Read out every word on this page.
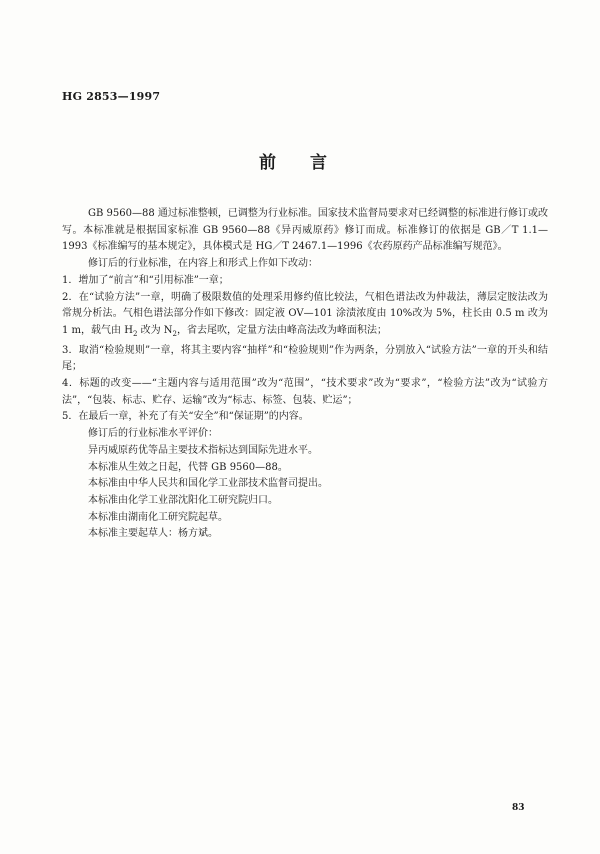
HG 2853—1997
前 言

GB 9560—88 通过标准整顿，已调整为行业标准。国家技术监督局要求对已经调整的标准进行修订或改写。本标准就是根据国家标准 GB 9560—88《异丙威原药》修订而成。标准修订的依据是 GB／T 1.1—1993《标准编写的基本规定》，具体模式是 HG／T 2467.1—1996《农药原药产品标准编写规范》。

修订后的行业标准，在内容上和形式上作如下改动：

1．增加了“前言”和“引用标准”一章；

2．在“试验方法”一章，明确了极限数值的处理采用修约值比较法，气相色谱法改为仲裁法，薄层定胺法改为常规分析法。气相色谱法部分作如下修改：固定液 OV—101 涂渍浓度由 10%改为 5%，柱长由 0.5 m 改为 1 m，载气由 $H_2$ 改为 $N_2$，省去尾吹，定量方法由峰高法改为峰面积法；

3．取消“检验规则”一章，将其主要内容“抽样”和“检验规则”作为两条，分别放入“试验方法”一章的开头和结尾；

4．标题的改变——“主题内容与适用范围”改为“范围”，“技术要求”改为“要求”，“检验方法”改为“试验方法”，“包装、标志、贮存、运输”改为“标志、标签、包装、贮运”；

5．在最后一章，补充了有关“安全”和“保证期”的内容。

修订后的行业标准水平评价：

异丙威原药优等品主要技术指标达到国际先进水平。

本标准从生效之日起，代替 GB 9560—88。

本标准由中华人民共和国化学工业部技术监督司提出。

本标准由化学工业部沈阳化工研究院归口。

本标准由湖南化工研究院起草。

本标准主要起草人：杨方斌。

83
